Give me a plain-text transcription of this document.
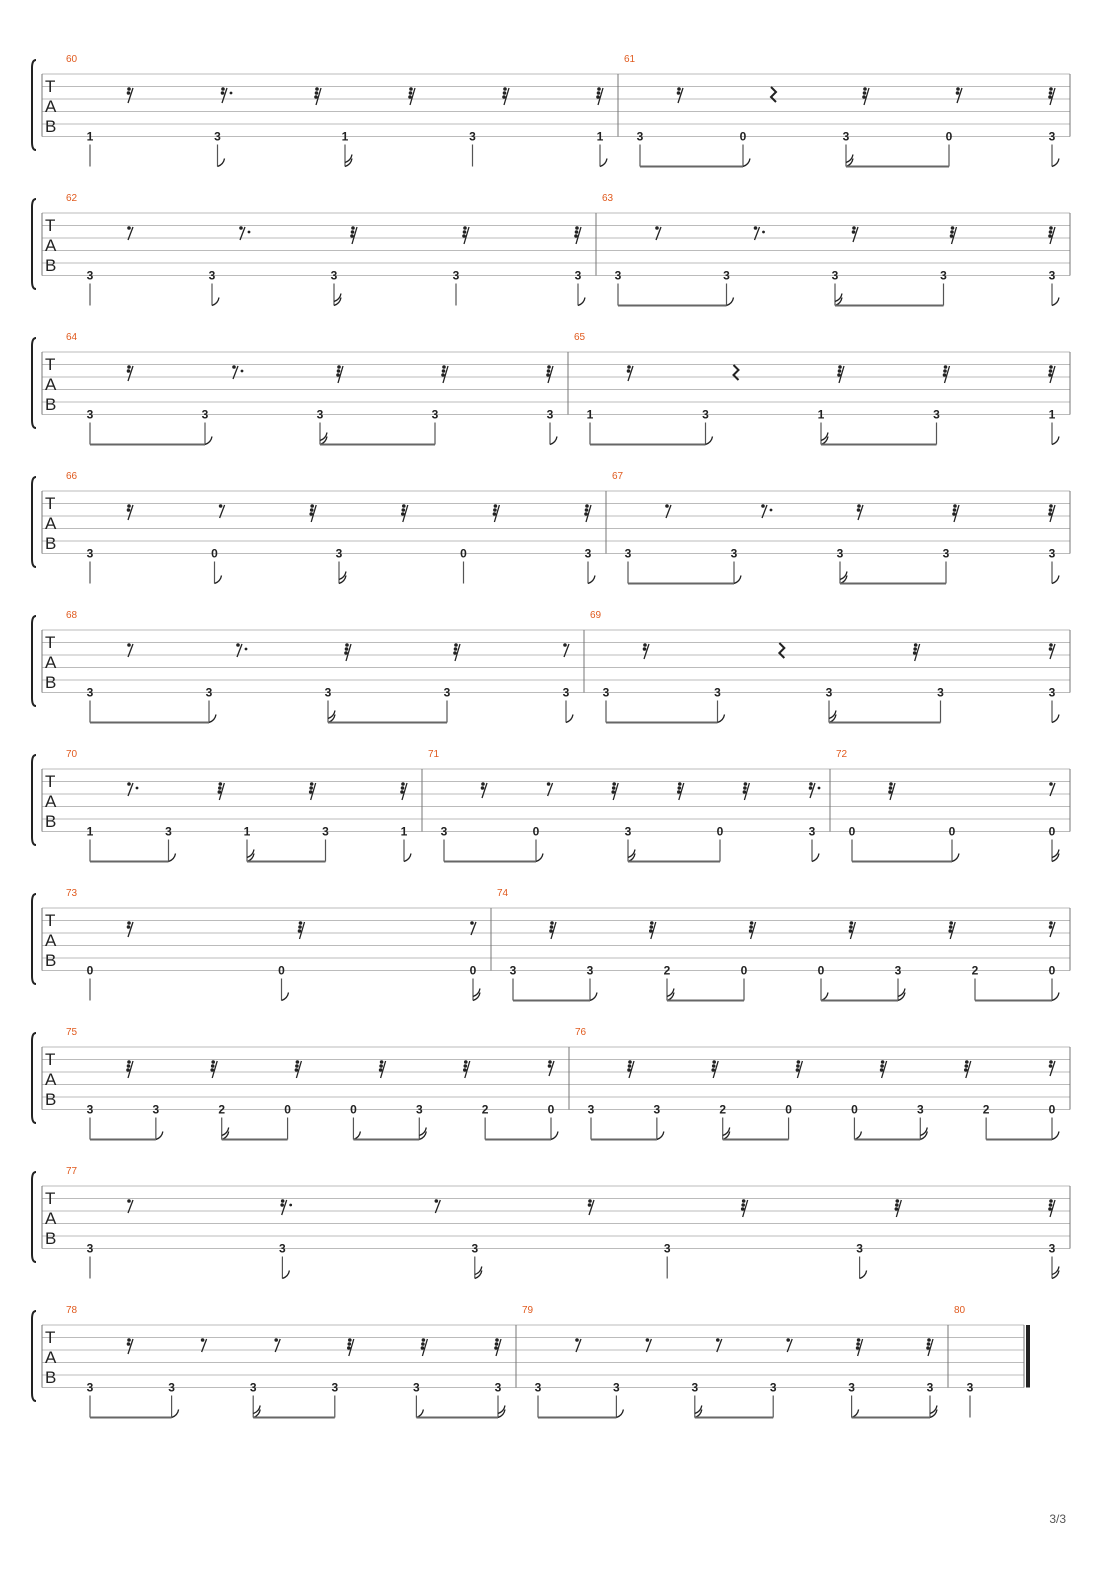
T
A
B
60
1	3	1	3	1
61
3	0	3	0	3
T
A
B
62
3	3	3	3	3
63
3	3	3	3	3
T
A
B
64
3	3	3	3	3
65
1	3	1	3	1
T
A
B
66
3	0	3	0	3
67
3	3	3	3	3
T
A
B
68
3	3	3	3	3
69
3	3	3	3	3
T
A
B
70
1	3	1	3	1
71
3	0	3	0	3
72
0	0	0
T
A
B
73
0	0	0
74
3	3	2	0	0	3	2	0
T
A
B
75
3	3	2	0	0	3	2	0
76
3	3	2	0	0	3	2	0
T
A
B
77
3	3	3	3	3	3
T
A
B
78
3	3	3	3	3	3
79
3	3	3	3	3	3
80
3
3/3
